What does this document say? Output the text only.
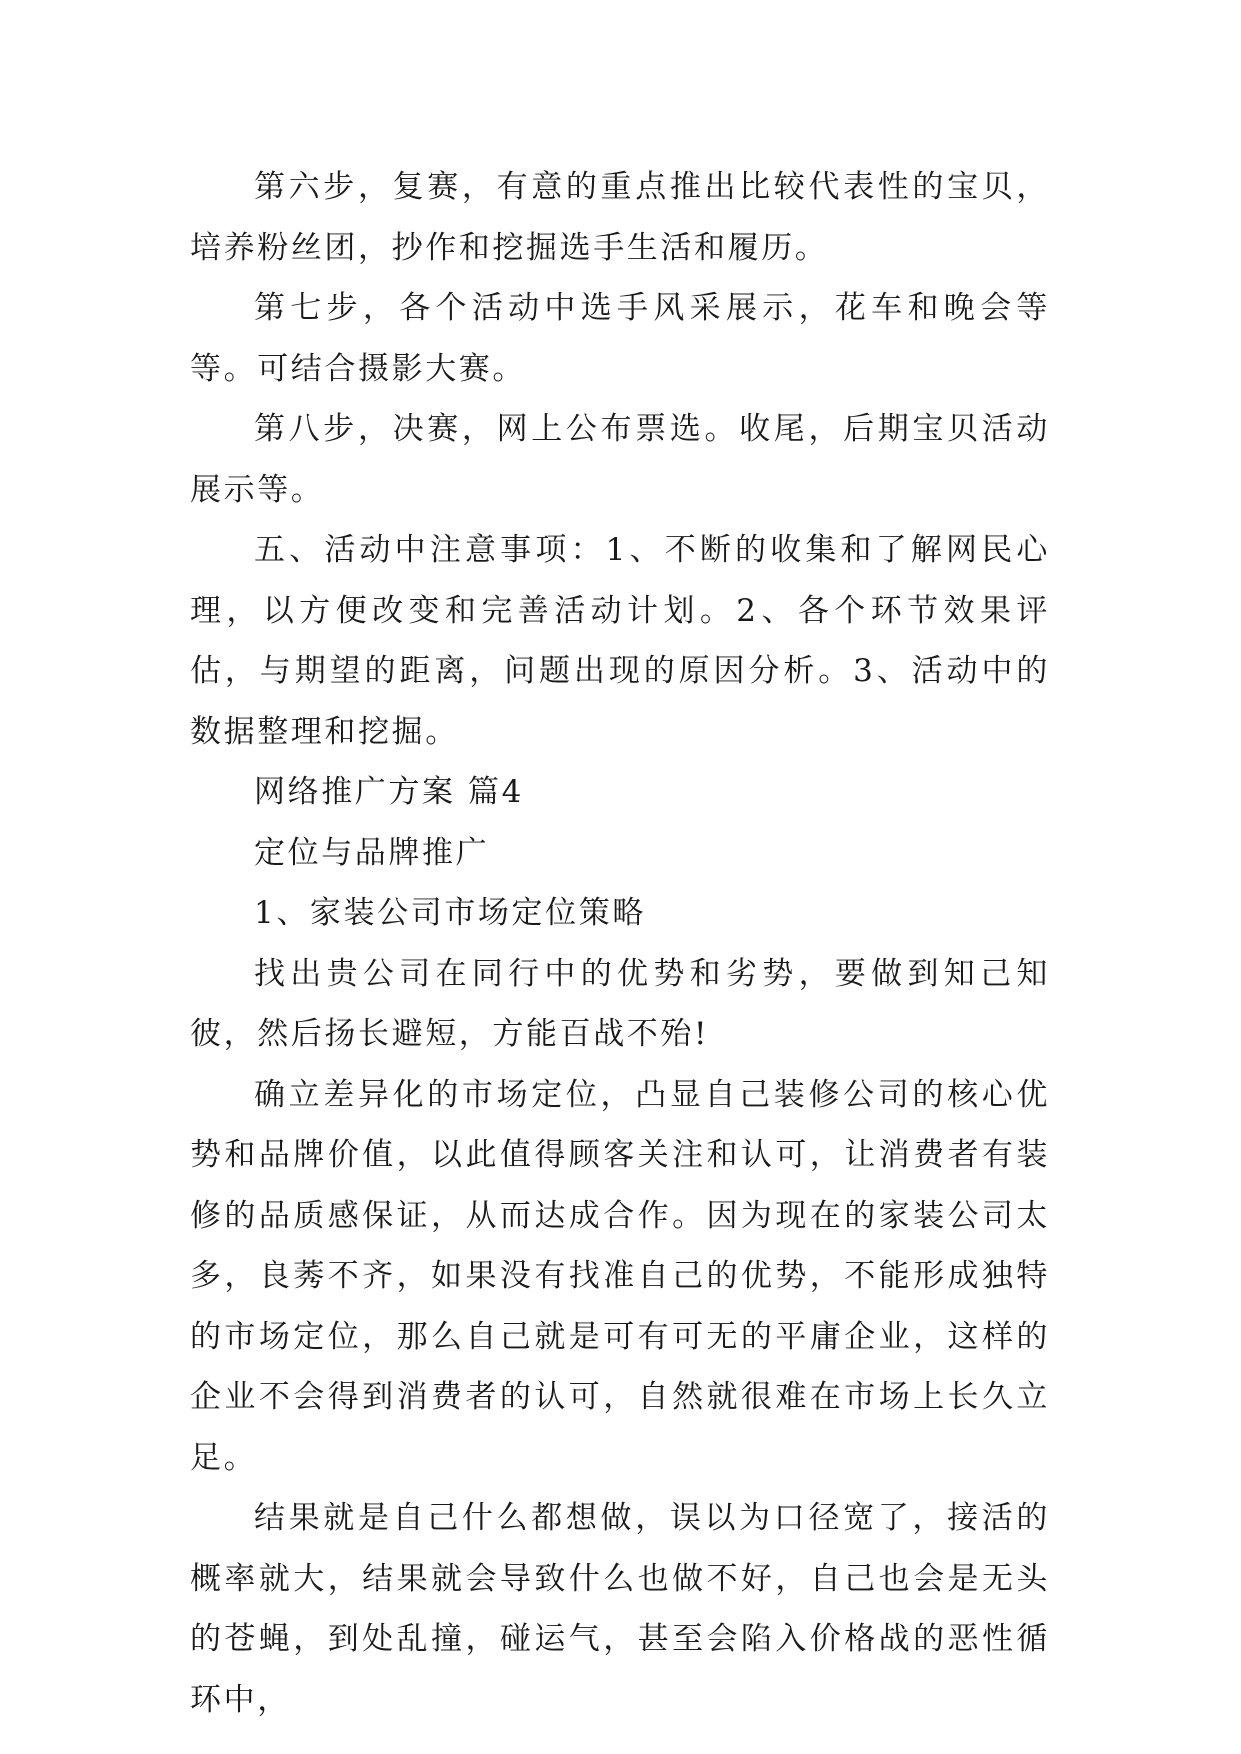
第六步，复赛，有意的重点推出比较代表性的宝贝，培养粉丝团，抄作和挖掘选手生活和履历。

第七步，各个活动中选手风采展示，花车和晚会等等。可结合摄影大赛。

第八步，决赛，网上公布票选。收尾，后期宝贝活动展示等。

五、活动中注意事项：1、不断的收集和了解网民心理，以方便改变和完善活动计划。2、各个环节效果评估，与期望的距离，问题出现的原因分析。3、活动中的数据整理和挖掘。

网络推广方案 篇4

定位与品牌推广

1、家装公司市场定位策略

找出贵公司在同行中的优势和劣势，要做到知己知彼，然后扬长避短，方能百战不殆!

确立差异化的市场定位，凸显自己装修公司的核心优势和品牌价值，以此值得顾客关注和认可，让消费者有装修的品质感保证，从而达成合作。因为现在的家装公司太多，良莠不齐，如果没有找准自己的优势，不能形成独特的市场定位，那么自己就是可有可无的平庸企业，这样的企业不会得到消费者的认可，自然就很难在市场上长久立足。

结果就是自己什么都想做，误以为口径宽了，接活的概率就大，结果就会导致什么也做不好，自己也会是无头的苍蝇，到处乱撞，碰运气，甚至会陷入价格战的恶性循环中，
